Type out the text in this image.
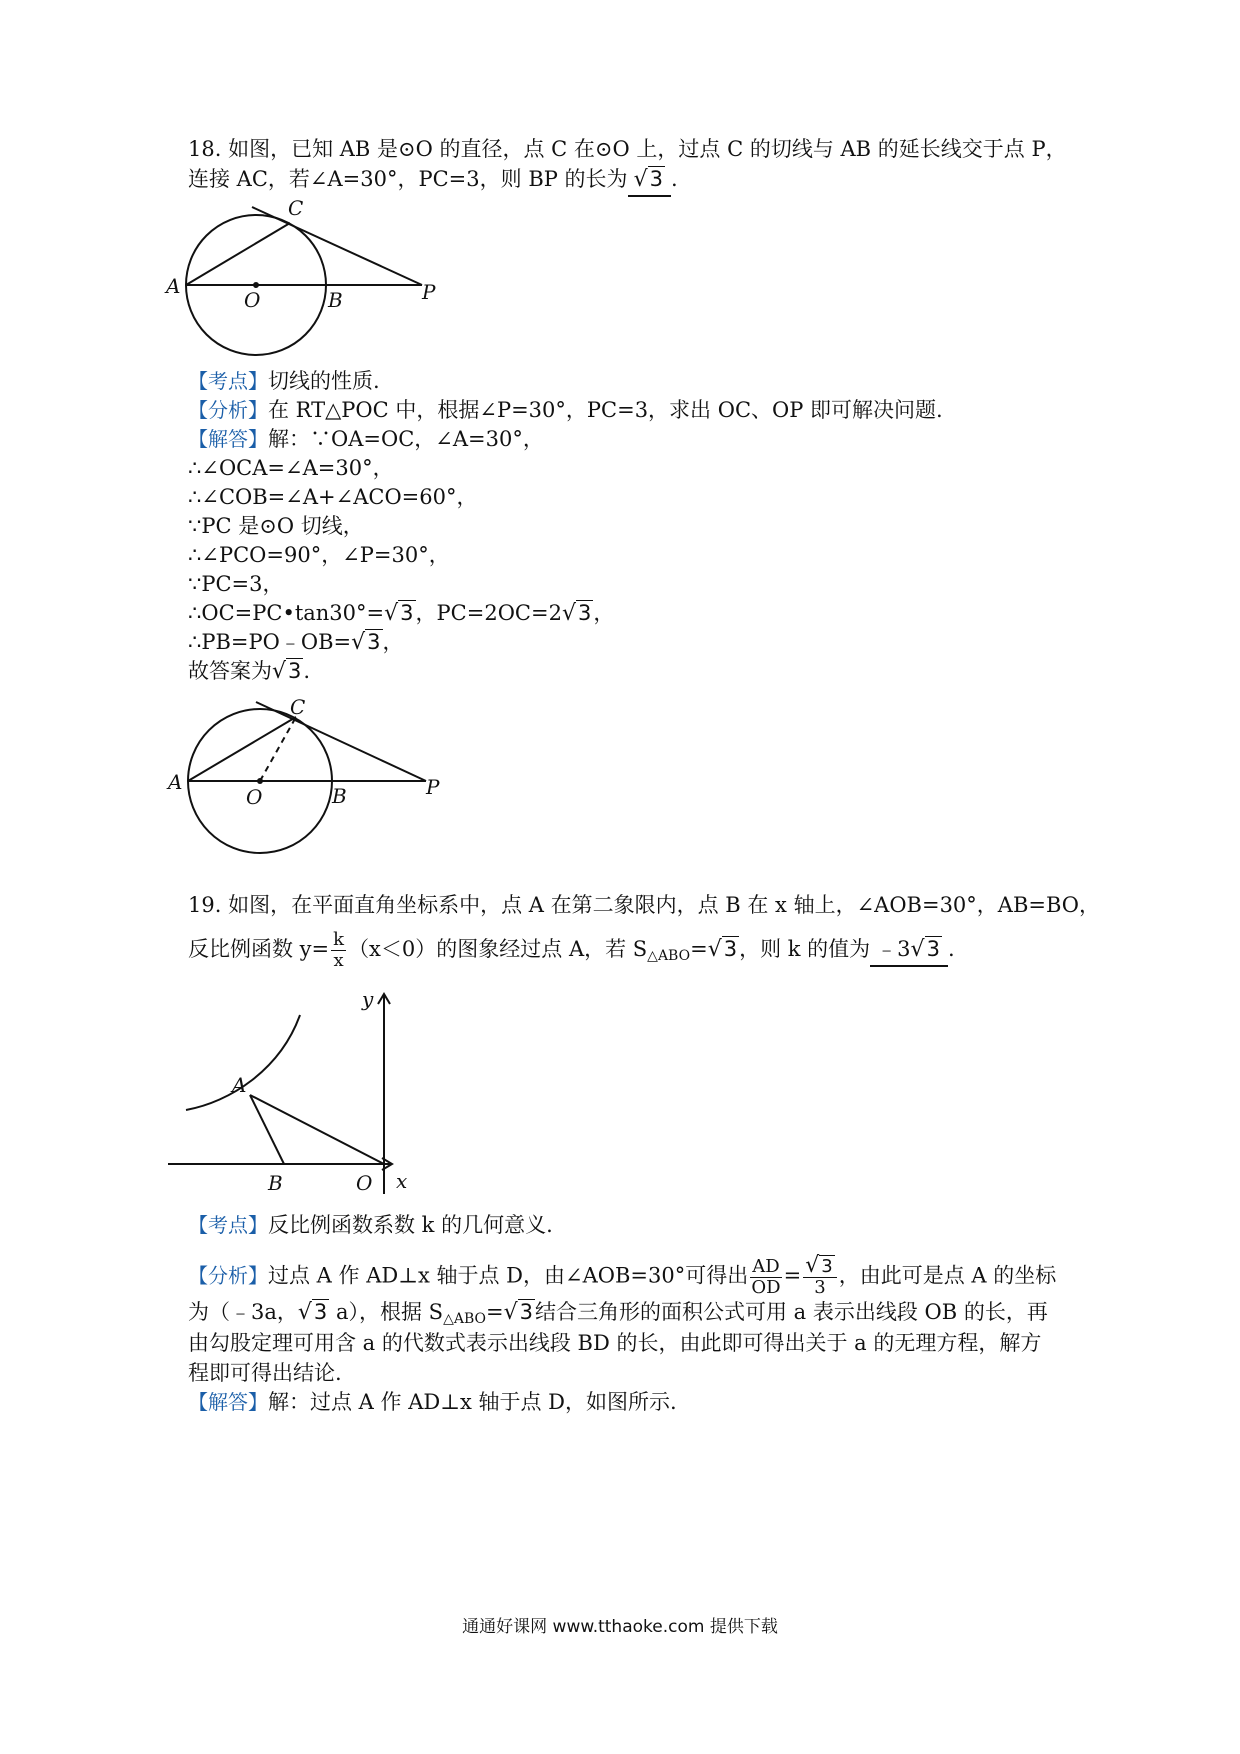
18. 如图，已知 AB 是⊙O 的直径，点 C 在⊙O 上，过点 C 的切线与 AB 的延长线交于点 P，
连接 AC，若∠A=30°，PC=3，则 BP 的长为 √3 .
A
O	B
C
P
【考点】切线的性质.
【分析】在 RT△POC 中，根据∠P=30°，PC=3，求出 OC、OP 即可解决问题.
【解答】解：∵OA=OC，∠A=30°，
∴∠OCA=∠A=30°，
∴∠COB=∠A+∠ACO=60°，
∵PC 是⊙O 切线，
∴∠PCO=90°，∠P=30°，
∵PC=3，
∴OC=PC•tan30°=√3，PC=2OC=2√3，
∴PB=PO﹣OB=√3，
故答案为√3.
A
O	B
C
P
19. 如图，在平面直角坐标系中，点 A 在第二象限内，点 B 在 x 轴上，∠AOB=30°，AB=BO，
反比例函数 $y= \frac{k}{x} (x<0)$的图象经过点 A，若 $S_{\triangle ABO}=√3$，则 k 的值为 ﹣3√3 .
y
A
B	O x
【考点】反比例函数系数 k 的几何意义.
【分析】过点 A 作 AD⊥x 轴于点 D，由∠AOB=30°可得出 $\frac{AD}{OD} = \frac{√ 3}{3}$ ，由此可是点 A 的坐标
为（﹣3a，√3 a），根据 $S_{\triangle ABO}=√3$结合三角形的面积公式可用 a 表示出线段 OB 的长，再
由勾股定理可用含 a 的代数式表示出线段 BD 的长，由此即可得出关于 a 的无理方程，解方
程即可得出结论.
【解答】解：过点 A 作 AD⊥x 轴于点 D，如图所示.
通通好课网 www.tthaoke.com 提供下载
